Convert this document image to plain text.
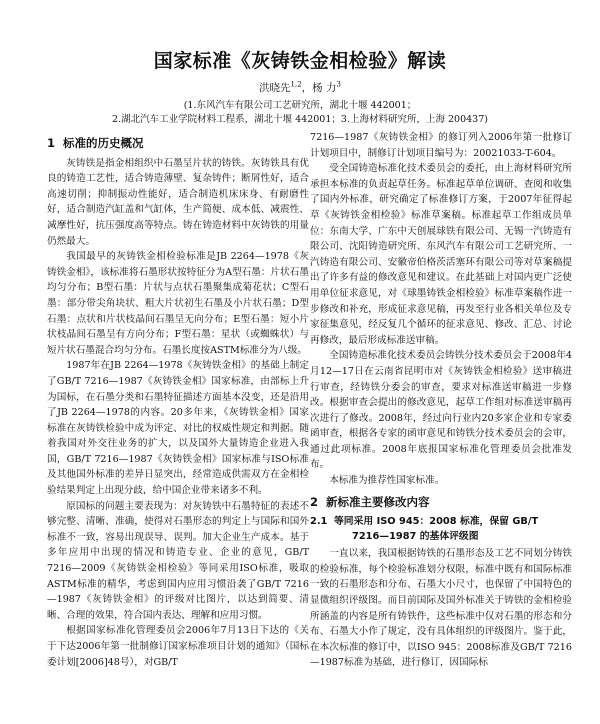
国家标准《灰铸铁金相检验》解读
洪晓先$^{1,2}$，杨 力$^3$
(1.东风汽车有限公司工艺研究所，湖北十堰 442001；
2.湖北汽车工业学院材料工程系，湖北十堰 442001；3.上海材料研究所，上海 200437)
1 标准的历史概况

灰铸铁是指金相组织中石墨呈片状的铸铁。灰铸铁具有优良的铸造工艺性，适合铸造薄壁、复杂铸件；断屑性好，适合高速切削；抑制振动性能好，适合制造机床床身、有耐磨性好，适合制造汽缸盖和气缸体，生产简便、成本低、减震性、减摩性好，抗压强度高等特点。铸在铸造材料中灰铸铁的用量仍然最大。

我国最早的灰铸铁金相检验标准是JB 2264—1978《灰铸铁金相》，该标准将石墨形状按特征分为A型石墨：片状石墨均匀分布；B型石墨：片状与点状石墨聚集成菊花状；C型石墨：部分带尖角块状、粗大片状初生石墨及小片状石墨；D型石墨：点状和片状枝晶间石墨呈无向分布；E型石墨：短小片状枝晶间石墨呈有方向分布；F型石墨：星状（或蜘蛛状）与短片状石墨混合均匀分布。石墨长度按ASTM标准分为八级。

1987年在JB 2264—1978《灰铸铁金相》的基础上制定了GB/T 7216—1987《灰铸铁金相》国家标准，由部标上升为国标，在石墨分类和石墨特征描述方面基本没变，还是沿用了JB 2264—1978的内容。20多年来，《灰铸铁金相》国家标准在灰铸铁检验中成为评定、对比的权威性规定和判据。随着我国对外交往业务的扩大，以及国外大量铸造企业进入我国，GB/T 7216—1987《灰铸铁金相》国家标准与ISO标准及其他国外标准的差异日显突出，经常造成供需双方在金相检验结果判定上出现分歧，给中国企业带来诸多不利。

原国标的问题主要表现为：对灰铸铁中石墨特征的表述不够完整、清晰、准确，使得对石墨形态的判定上与国际和国外标准不一致，容易出现误导、误判。加大企业生产成本。基于多年应用中出现的情况和铸造专业、企业的意见，GB/T 7216—2009《灰铸铁金相检验》等同采用ISO标准，吸取ASTM标准的精华，考虑到国内应用习惯沿袭了GB/T 7216—1987《灰铸铁金相》的评级对比图片，以达到简要、清晰、合理的效果，符合国内表达、理解和应用习惯。

根据国家标准化管理委员会2006年7月13日下达的《关于下达2006年第一批制修订国家标准项目计划的通知》（国标委计划[2006]48号），对GB/T

7216—1987《灰铸铁金相》的修订列入2006年第一批修订计划项目中，制修订计划项目编号为：20021033-T-604。

受全国铸造标准化技术委员会的委托，由上海材料研究所承担本标准的负责起草任务。标准起草单位调研、查阅和收集了国内外标准，研究确定了标准修订方案，于2007年征得起草《灰铸铁金相检验》标准草案稿。标准起草工作组成员单位：东南大学、广东中天创展球铁有限公司、无锡一汽铸造有限公司、沈阳铸造研究所、东风汽车有限公司工艺研究所、一汽铸造有限公司、安徽帝伯格茨活塞环有限公司等对草案稿提出了许多有益的修改意见和建议。在此基础上对国内更广泛使用单位征求意见，对《球墨铸铁金相检验》标准草案稿作进一步修改和补充，形成征求意见稿，再发至行业各相关单位及专家征集意见，经反复几个循环的征求意见、修改、汇总、讨论再修改，最后形成标准送审稿。

全国铸造标准化技术委员会铸铁分技术委员会于2008年4月12—17日在云南省昆明市对《灰铸铁金相检验》送审稿进行审查，经铸铁分委会的审查，要求对标准送审稿进一步修改。根据审查会提出的修改意见，起草工作组对标准送审稿再次进行了修改。2008年，经过向行业内20多家企业和专家委函审查，根据各专家的函审意见和铸铁分技术委员会的会审，通过此项标准。2008年底报国家标准化管理委员会批准发布。

本标准为推荐性国家标准。

2 新标准主要修改内容
2.1 等同采用 ISO 945：2008 标准，保留 GB/T
7216—1987 的基体评级图

一直以来，我国根据铸铁的石墨形态及工艺不同划分铸铁的检验标准，每个检验标准划分权限，标准中既有和国际标准一致的石墨形态和分布、石墨大小尺寸，也保留了中国特色的显微组织评级图。而目前国际及国外标准关于铸铁的金相检验所涵盖的内容是所有铸铁件，这些标准中仅对石墨的形态和分布、石墨大小作了规定，没有具体组织的评级图片。鉴于此，在本次标准的修订中，以ISO 945：2008标准及GB/T 7216—1987标准为基础，进行修订，因国际标
